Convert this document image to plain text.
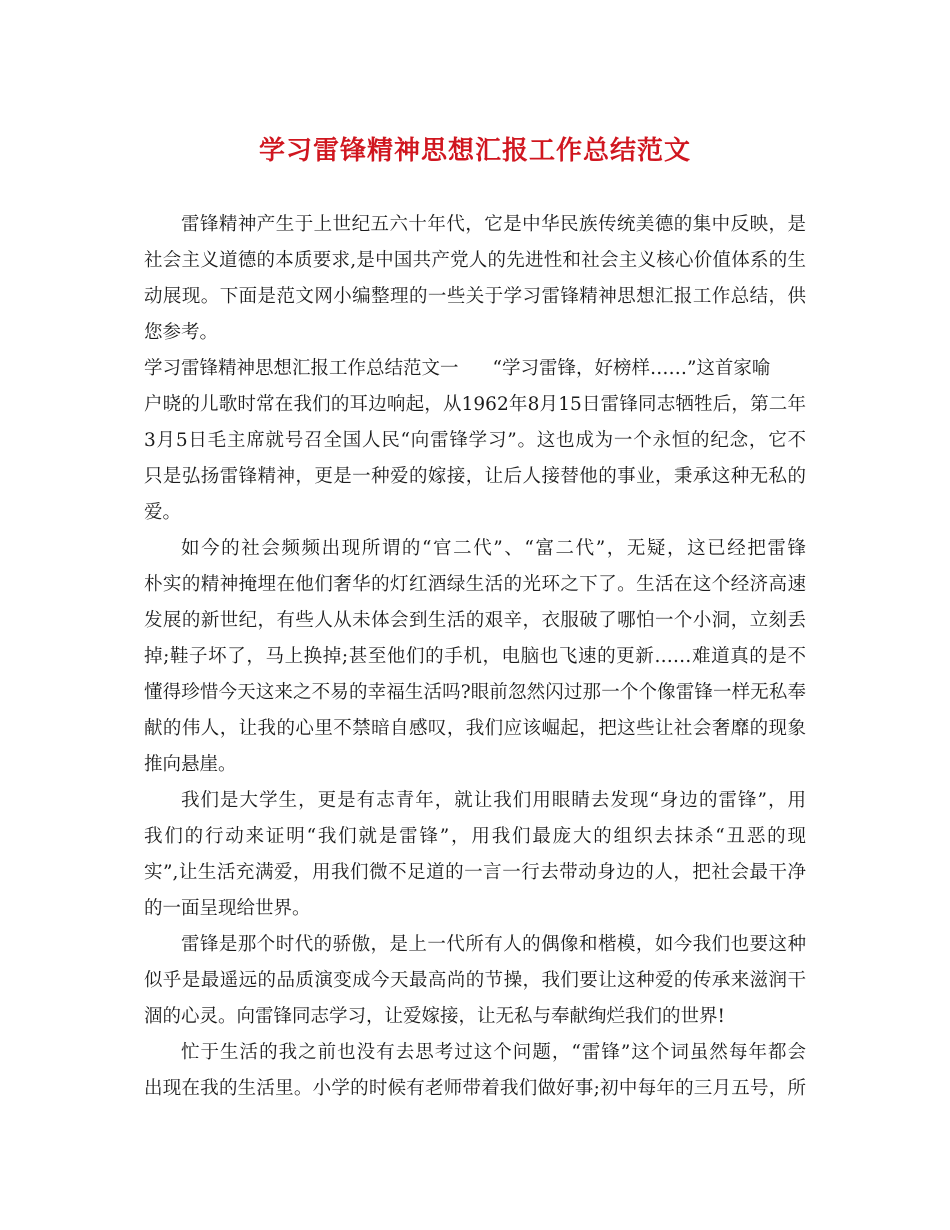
学习雷锋精神思想汇报工作总结范文
雷锋精神产生于上世纪五六十年代，它是中华民族传统美德的集中反映，是
社会主义道德的本质要求,是中国共产党人的先进性和社会主义核心价值体系的生
动展现。下面是范文网小编整理的一些关于学习雷锋精神思想汇报工作总结，供
您参考。
学习雷锋精神思想汇报工作总结范文一 “学习雷锋，好榜样……”这首家喻
户晓的儿歌时常在我们的耳边响起，从1962年8月15日雷锋同志牺牲后，第二年
3月5日毛主席就号召全国人民“向雷锋学习”。这也成为一个永恒的纪念，它不
只是弘扬雷锋精神，更是一种爱的嫁接，让后人接替他的事业，秉承这种无私的
爱。
如今的社会频频出现所谓的“官二代”、“富二代”，无疑，这已经把雷锋
朴实的精神掩埋在他们奢华的灯红酒绿生活的光环之下了。生活在这个经济高速
发展的新世纪，有些人从未体会到生活的艰辛，衣服破了哪怕一个小洞，立刻丢
掉;鞋子坏了，马上换掉;甚至他们的手机，电脑也飞速的更新……难道真的是不
懂得珍惜今天这来之不易的幸福生活吗?眼前忽然闪过那一个个像雷锋一样无私奉
献的伟人，让我的心里不禁暗自感叹，我们应该崛起，把这些让社会奢靡的现象
推向悬崖。
我们是大学生，更是有志青年，就让我们用眼睛去发现“身边的雷锋”，用
我们的行动来证明“我们就是雷锋”，用我们最庞大的组织去抹杀“丑恶的现
实”,让生活充满爱，用我们微不足道的一言一行去带动身边的人，把社会最干净
的一面呈现给世界。
雷锋是那个时代的骄傲，是上一代所有人的偶像和楷模，如今我们也要这种
似乎是最遥远的品质演变成今天最高尚的节操，我们要让这种爱的传承来滋润干
涸的心灵。向雷锋同志学习，让爱嫁接，让无私与奉献绚烂我们的世界!
忙于生活的我之前也没有去思考过这个问题，“雷锋”这个词虽然每年都会
出现在我的生活里。小学的时候有老师带着我们做好事;初中每年的三月五号，所
